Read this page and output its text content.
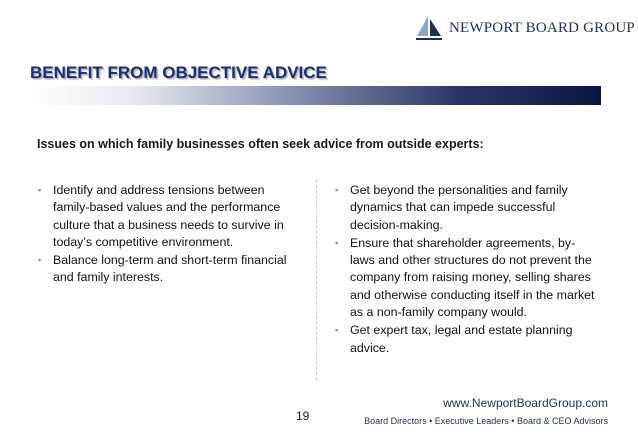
NEWPORT BOARD GROUP
BENEFIT FROM OBJECTIVE ADVICE
Issues on which family businesses often seek advice from outside experts:
▪ Identify and address tensions between family-based values and the performance culture that a business needs to survive in today’s competitive environment.
▪ Balance long-term and short-term financial and family interests.
▪ Get beyond the personalities and family dynamics that can impede successful decision-making.
▪ Ensure that shareholder agreements, by-laws and other structures do not prevent the company from raising money, selling shares and otherwise conducting itself in the market as a non-family company would.
▪ Get expert tax, legal and estate planning advice.
19
www.NewportBoardGroup.com
Board Directors • Executive Leaders • Board & CEO Advisors
